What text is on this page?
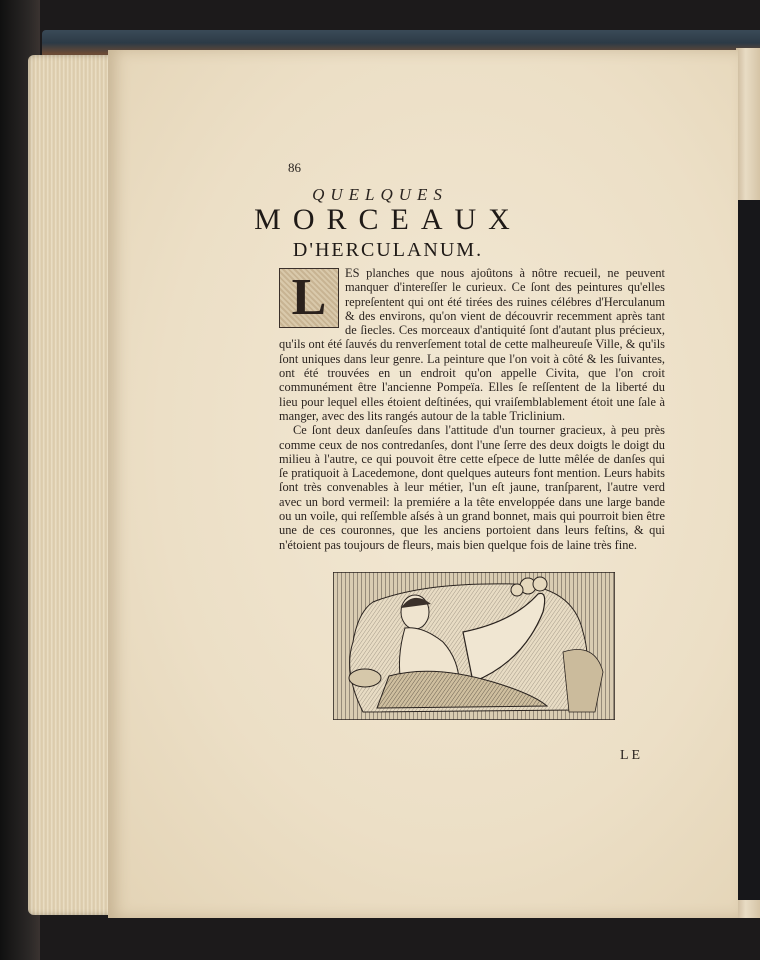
86
QUELQUES
MORCEAUX
D'HERCULANUM.
L	ES planches que nous ajoûtons à nôtre recueil, ne peuvent manquer d'intereſſer le curieux. Ce ſont des peintures qu'elles repreſentent qui ont été tirées des ruines célébres d'Herculanum & des environs, qu'on vient de découvrir recemment après tant de ſiecles. Ces morceaux d'antiquité ſont d'autant plus précieux, qu'ils ont été ſauvés du renverſement total de cette malheureuſe Ville, & qu'ils ſont uniques dans leur genre. La peinture que l'on voit à côté & les ſuivantes, ont été trouvées en un endroit qu'on appelle Civita, que l'on croit communément être l'ancienne Pompeïa. Elles ſe reſſentent de la liberté du lieu pour lequel elles étoient deſtinées, qui vraiſemblablement étoit une ſale à manger, avec des lits rangés autour de la table Triclinium.

Ce ſont deux danſeuſes dans l'attitude d'un tourner gracieux, à peu près comme ceux de nos contredanſes, dont l'une ſerre des deux doigts le doigt du milieu à l'autre, ce qui pouvoit être cette eſpece de lutte mêlée de danſes qui ſe pratiquoit à Lacedemone, dont quelques auteurs font mention. Leurs habits ſont très convenables à leur métier, l'un eſt jaune, tranſparent, l'autre verd avec un bord vermeil: la premiére a la tête enveloppée dans une large bande ou un voile, qui reſſemble aſsés à un grand bonnet, mais qui pourroit bien être une de ces couronnes, que les anciens portoient dans leurs feſtins, & qui n'étoient pas toujours de fleurs, mais bien quelque fois de laine très fine.

LE
